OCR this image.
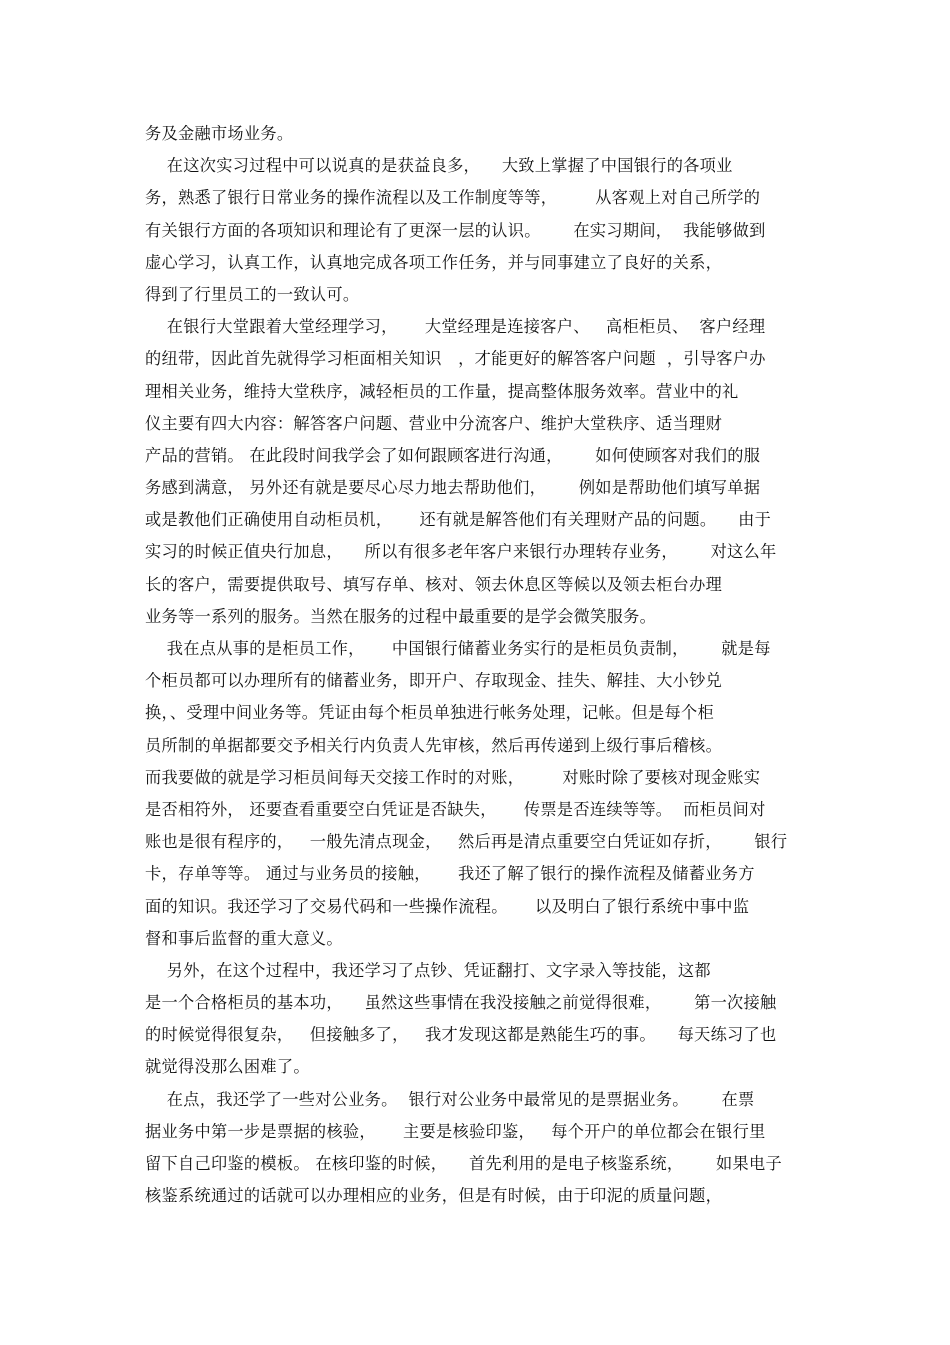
务及金融市场业务。
在这次实习过程中可以说真的是获益良多，    大致上掌握了中国银行的各项业
务，熟悉了银行日常业务的操作流程以及工作制度等等，       从客观上对自己所学的
有关银行方面的各项知识和理论有了更深一层的认识。      在实习期间，  我能够做到
虚心学习，认真工作，认真地完成各项工作任务，并与同事建立了良好的关系，
得到了行里员工的一致认可。
在银行大堂跟着大堂经理学习，     大堂经理是连接客户、   高柜柜员、  客户经理
的纽带，因此首先就得学习柜面相关知识   ，才能更好的解答客户问题  ，引导客户办
理相关业务，维持大堂秩序，减轻柜员的工作量，提高整体服务效率。营业中的礼
仪主要有四大内容：解答客户问题、营业中分流客户、维护大堂秩序、适当理财
产品的营销。 在此段时间我学会了如何跟顾客进行沟通，      如何使顾客对我们的服
务感到满意， 另外还有就是要尽心尽力地去帮助他们，      例如是帮助他们填写单据
或是教他们正确使用自动柜员机，     还有就是解答他们有关理财产品的问题。    由于
实习的时候正值央行加息，    所以有很多老年客户来银行办理转存业务，      对这么年
长的客户，需要提供取号、填写存单、核对、领去休息区等候以及领去柜台办理
业务等一系列的服务。当然在服务的过程中最重要的是学会微笑服务。
我在点从事的是柜员工作，     中国银行储蓄业务实行的是柜员负责制，      就是每
个柜员都可以办理所有的储蓄业务，即开户、存取现金、挂失、解挂、大小钞兑
换，、受理中间业务等。凭证由每个柜员单独进行帐务处理，记帐。但是每个柜
员所制的单据都要交予相关行内负责人先审核，然后再传递到上级行事后稽核。
而我要做的就是学习柜员间每天交接工作时的对账，       对账时除了要核对现金账实
是否相符外， 还要查看重要空白凭证是否缺失，     传票是否连续等等。  而柜员间对
账也是很有程序的，   一般先清点现金，   然后再是清点重要空白凭证如存折，      银行
卡，存单等等。 通过与业务员的接触，     我还了解了银行的操作流程及储蓄业务方
面的知识。我还学习了交易代码和一些操作流程。     以及明白了银行系统中事中监
督和事后监督的重大意义。
另外，在这个过程中，我还学习了点钞、凭证翻打、文字录入等技能，这都
是一个合格柜员的基本功，    虽然这些事情在我没接触之前觉得很难，      第一次接触
的时候觉得很复杂，   但接触多了，   我才发现这都是熟能生巧的事。    每天练习了也
就觉得没那么困难了。
在点，我还学了一些对公业务。  银行对公业务中最常见的是票据业务。      在票
据业务中第一步是票据的核验，     主要是核验印鉴，   每个开户的单位都会在银行里
留下自己印鉴的模板。 在核印鉴的时候，    首先利用的是电子核鉴系统，      如果电子
核鉴系统通过的话就可以办理相应的业务，但是有时候，由于印泥的质量问题，
